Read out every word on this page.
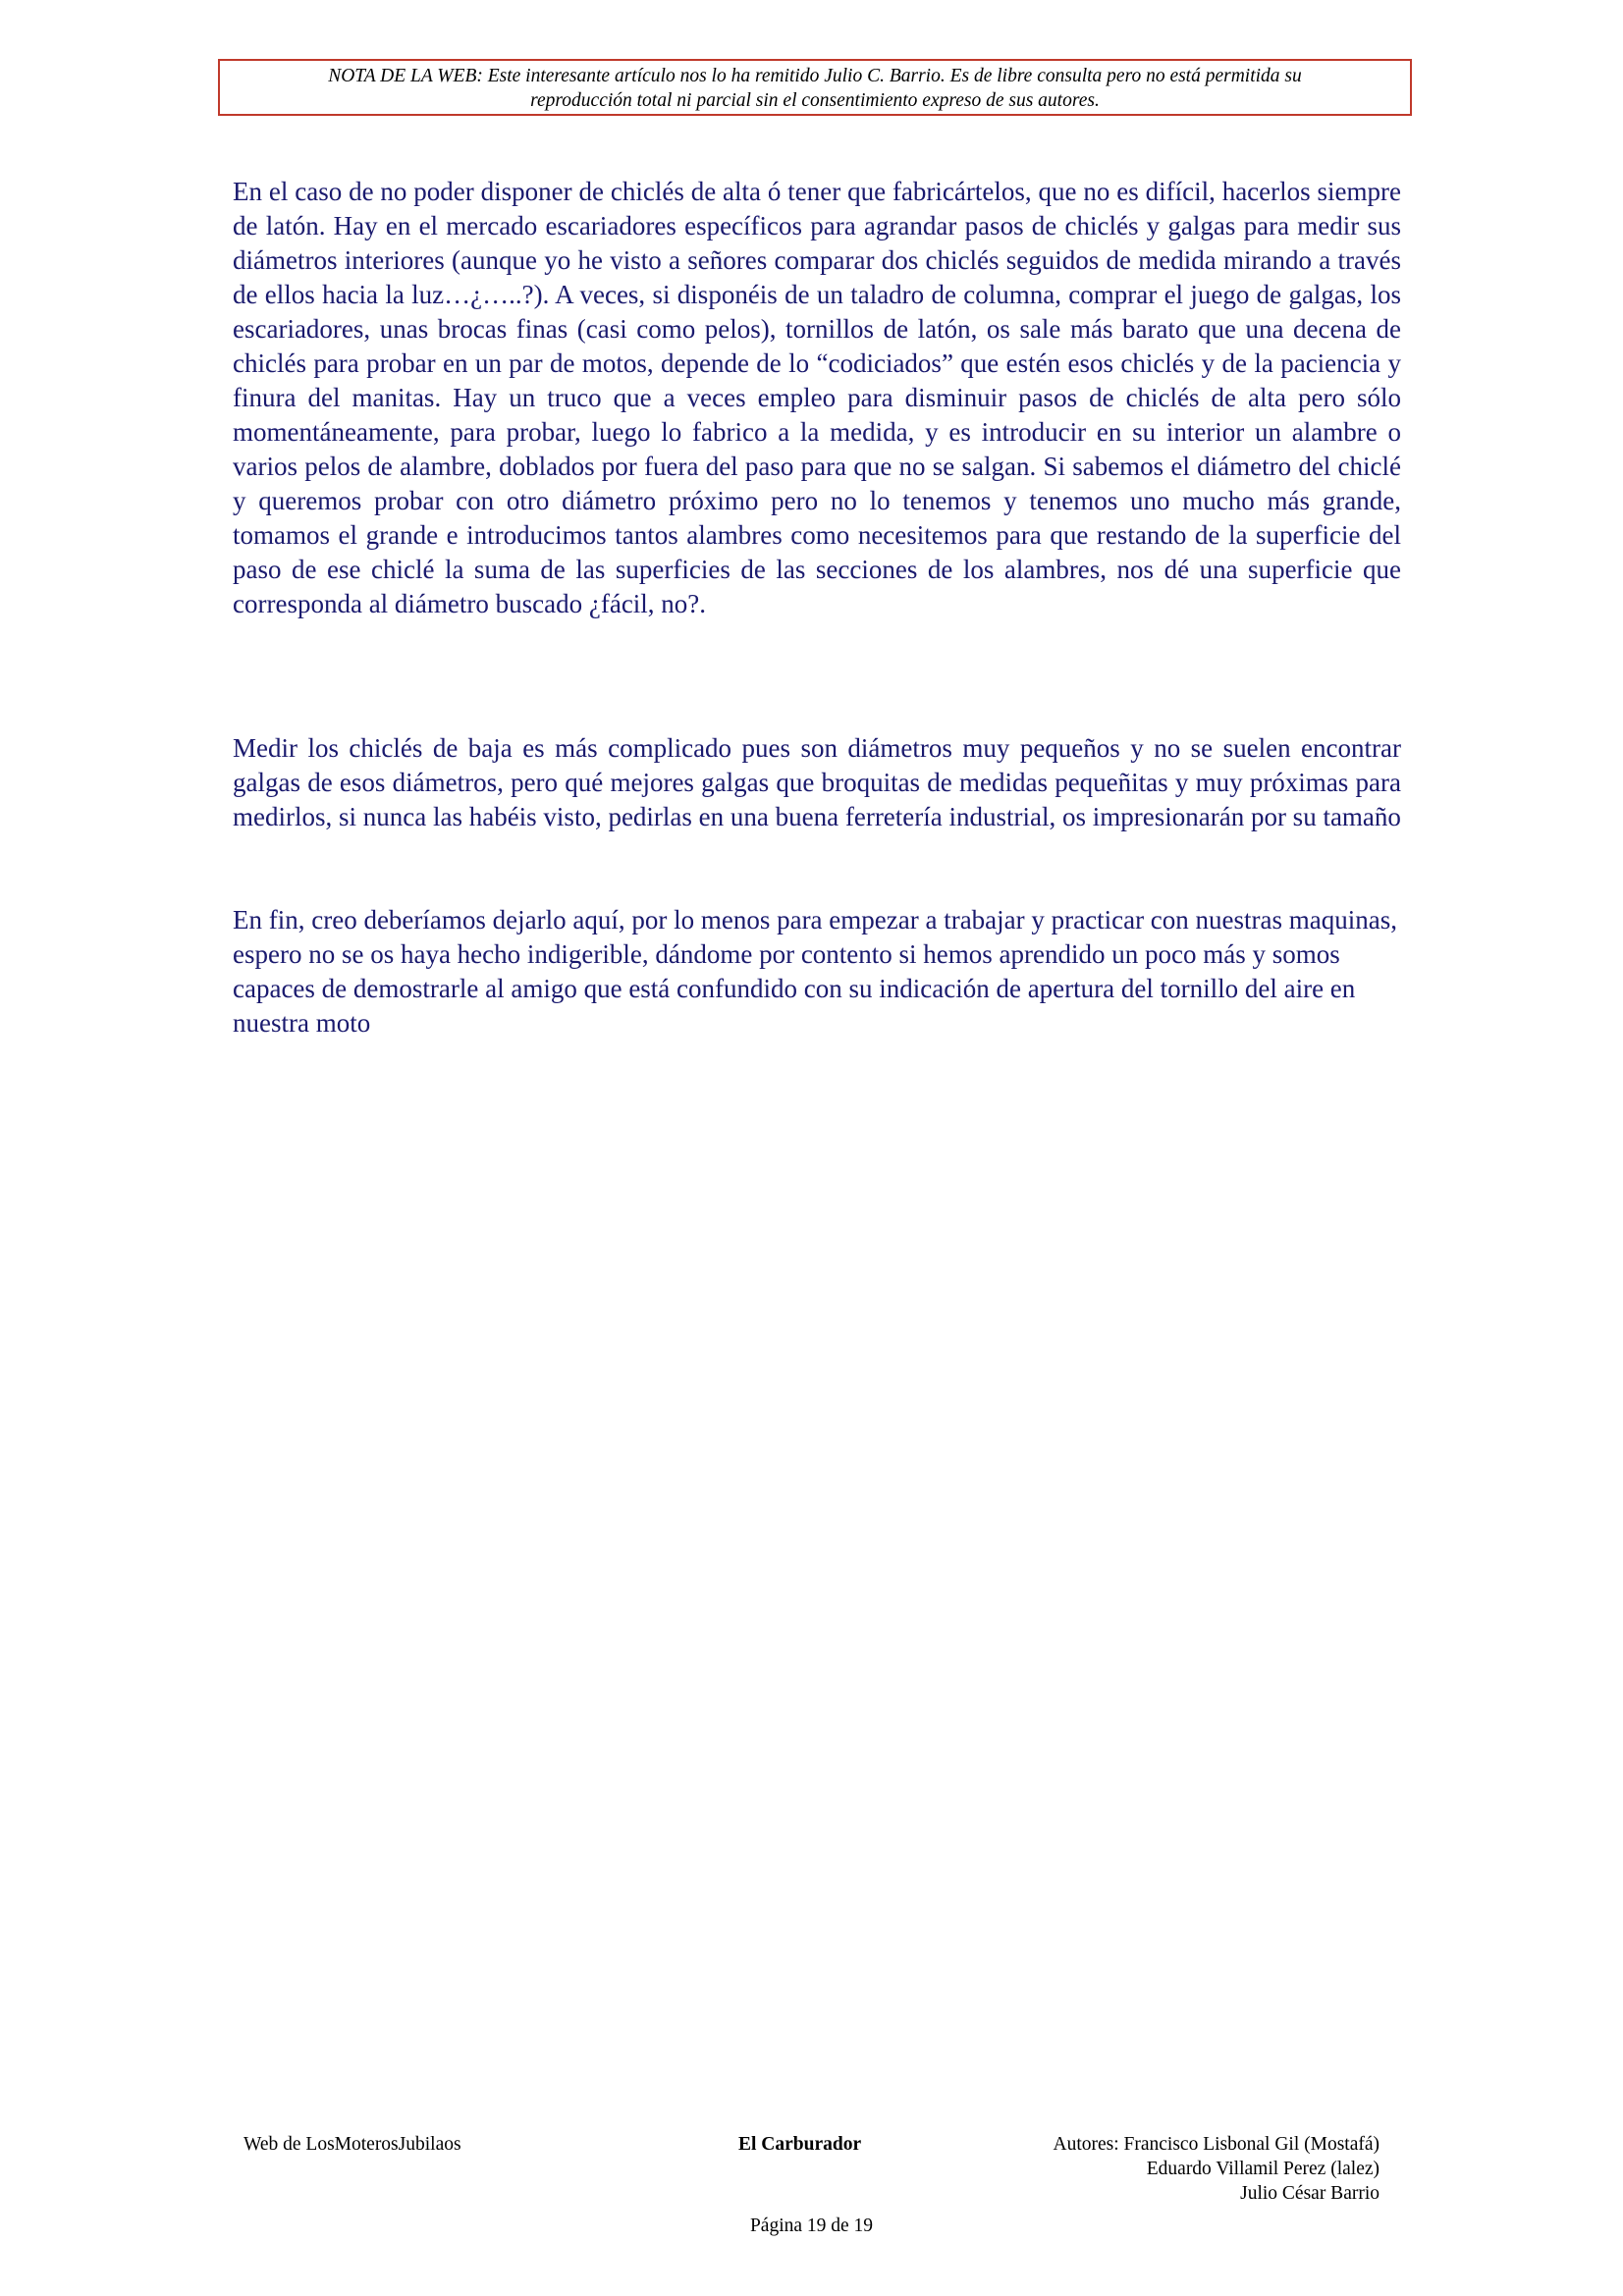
NOTA DE LA WEB: Este interesante artículo nos lo ha remitido Julio C. Barrio. Es de libre consulta pero no está permitida su
reproducción total ni parcial sin el consentimiento expreso de sus autores.

En el caso de no poder disponer de chiclés de alta ó tener que fabricártelos, que no es difícil, hacerlos siempre de latón. Hay en el mercado escariadores específicos para agrandar pasos de chiclés y galgas para medir sus diámetros interiores (aunque yo he visto a señores comparar dos chiclés seguidos de medida mirando a través de ellos hacia la luz…¿…..?). A veces, si disponéis de un taladro de columna, comprar el juego de galgas, los escariadores, unas brocas finas (casi como pelos), tornillos de latón, os sale más barato que una decena de chiclés para probar en un par de motos, depende de lo “codiciados” que estén esos chiclés y de la paciencia y finura del manitas. Hay un truco que a veces empleo para disminuir pasos de chiclés de alta pero sólo momentáneamente, para probar, luego lo fabrico a la medida, y es introducir en su interior un alambre o varios pelos de alambre, doblados por fuera del paso para que no se salgan. Si sabemos el diámetro del chiclé y queremos probar con otro diámetro próximo pero no lo tenemos y tenemos uno mucho más grande, tomamos el grande e introducimos tantos alambres como necesitemos para que restando de la superficie del paso de ese chiclé la suma de las superficies de las secciones de los alambres, nos dé una superficie que corresponda al diámetro buscado ¿fácil, no?.

Medir los chiclés de baja es más complicado pues son diámetros muy pequeños y no se suelen encontrar galgas de esos diámetros, pero qué mejores galgas que broquitas de medidas pequeñitas y muy próximas para medirlos, si nunca las habéis visto, pedirlas en una buena ferretería industrial, os impresionarán por su tamaño

En fin, creo deberíamos dejarlo aquí, por lo menos para empezar a trabajar y practicar con nuestras maquinas, espero no se os haya hecho indigerible, dándome por contento si hemos aprendido un poco más y somos capaces de demostrarle al amigo que está confundido con su indicación de apertura del tornillo del aire en nuestra moto

Web de LosMoterosJubilaos	El Carburador	Autores: Francisco Lisbonal Gil (Mostafá)
Eduardo Villamil Perez (lalez)
Julio César Barrio
Página 19 de 19
